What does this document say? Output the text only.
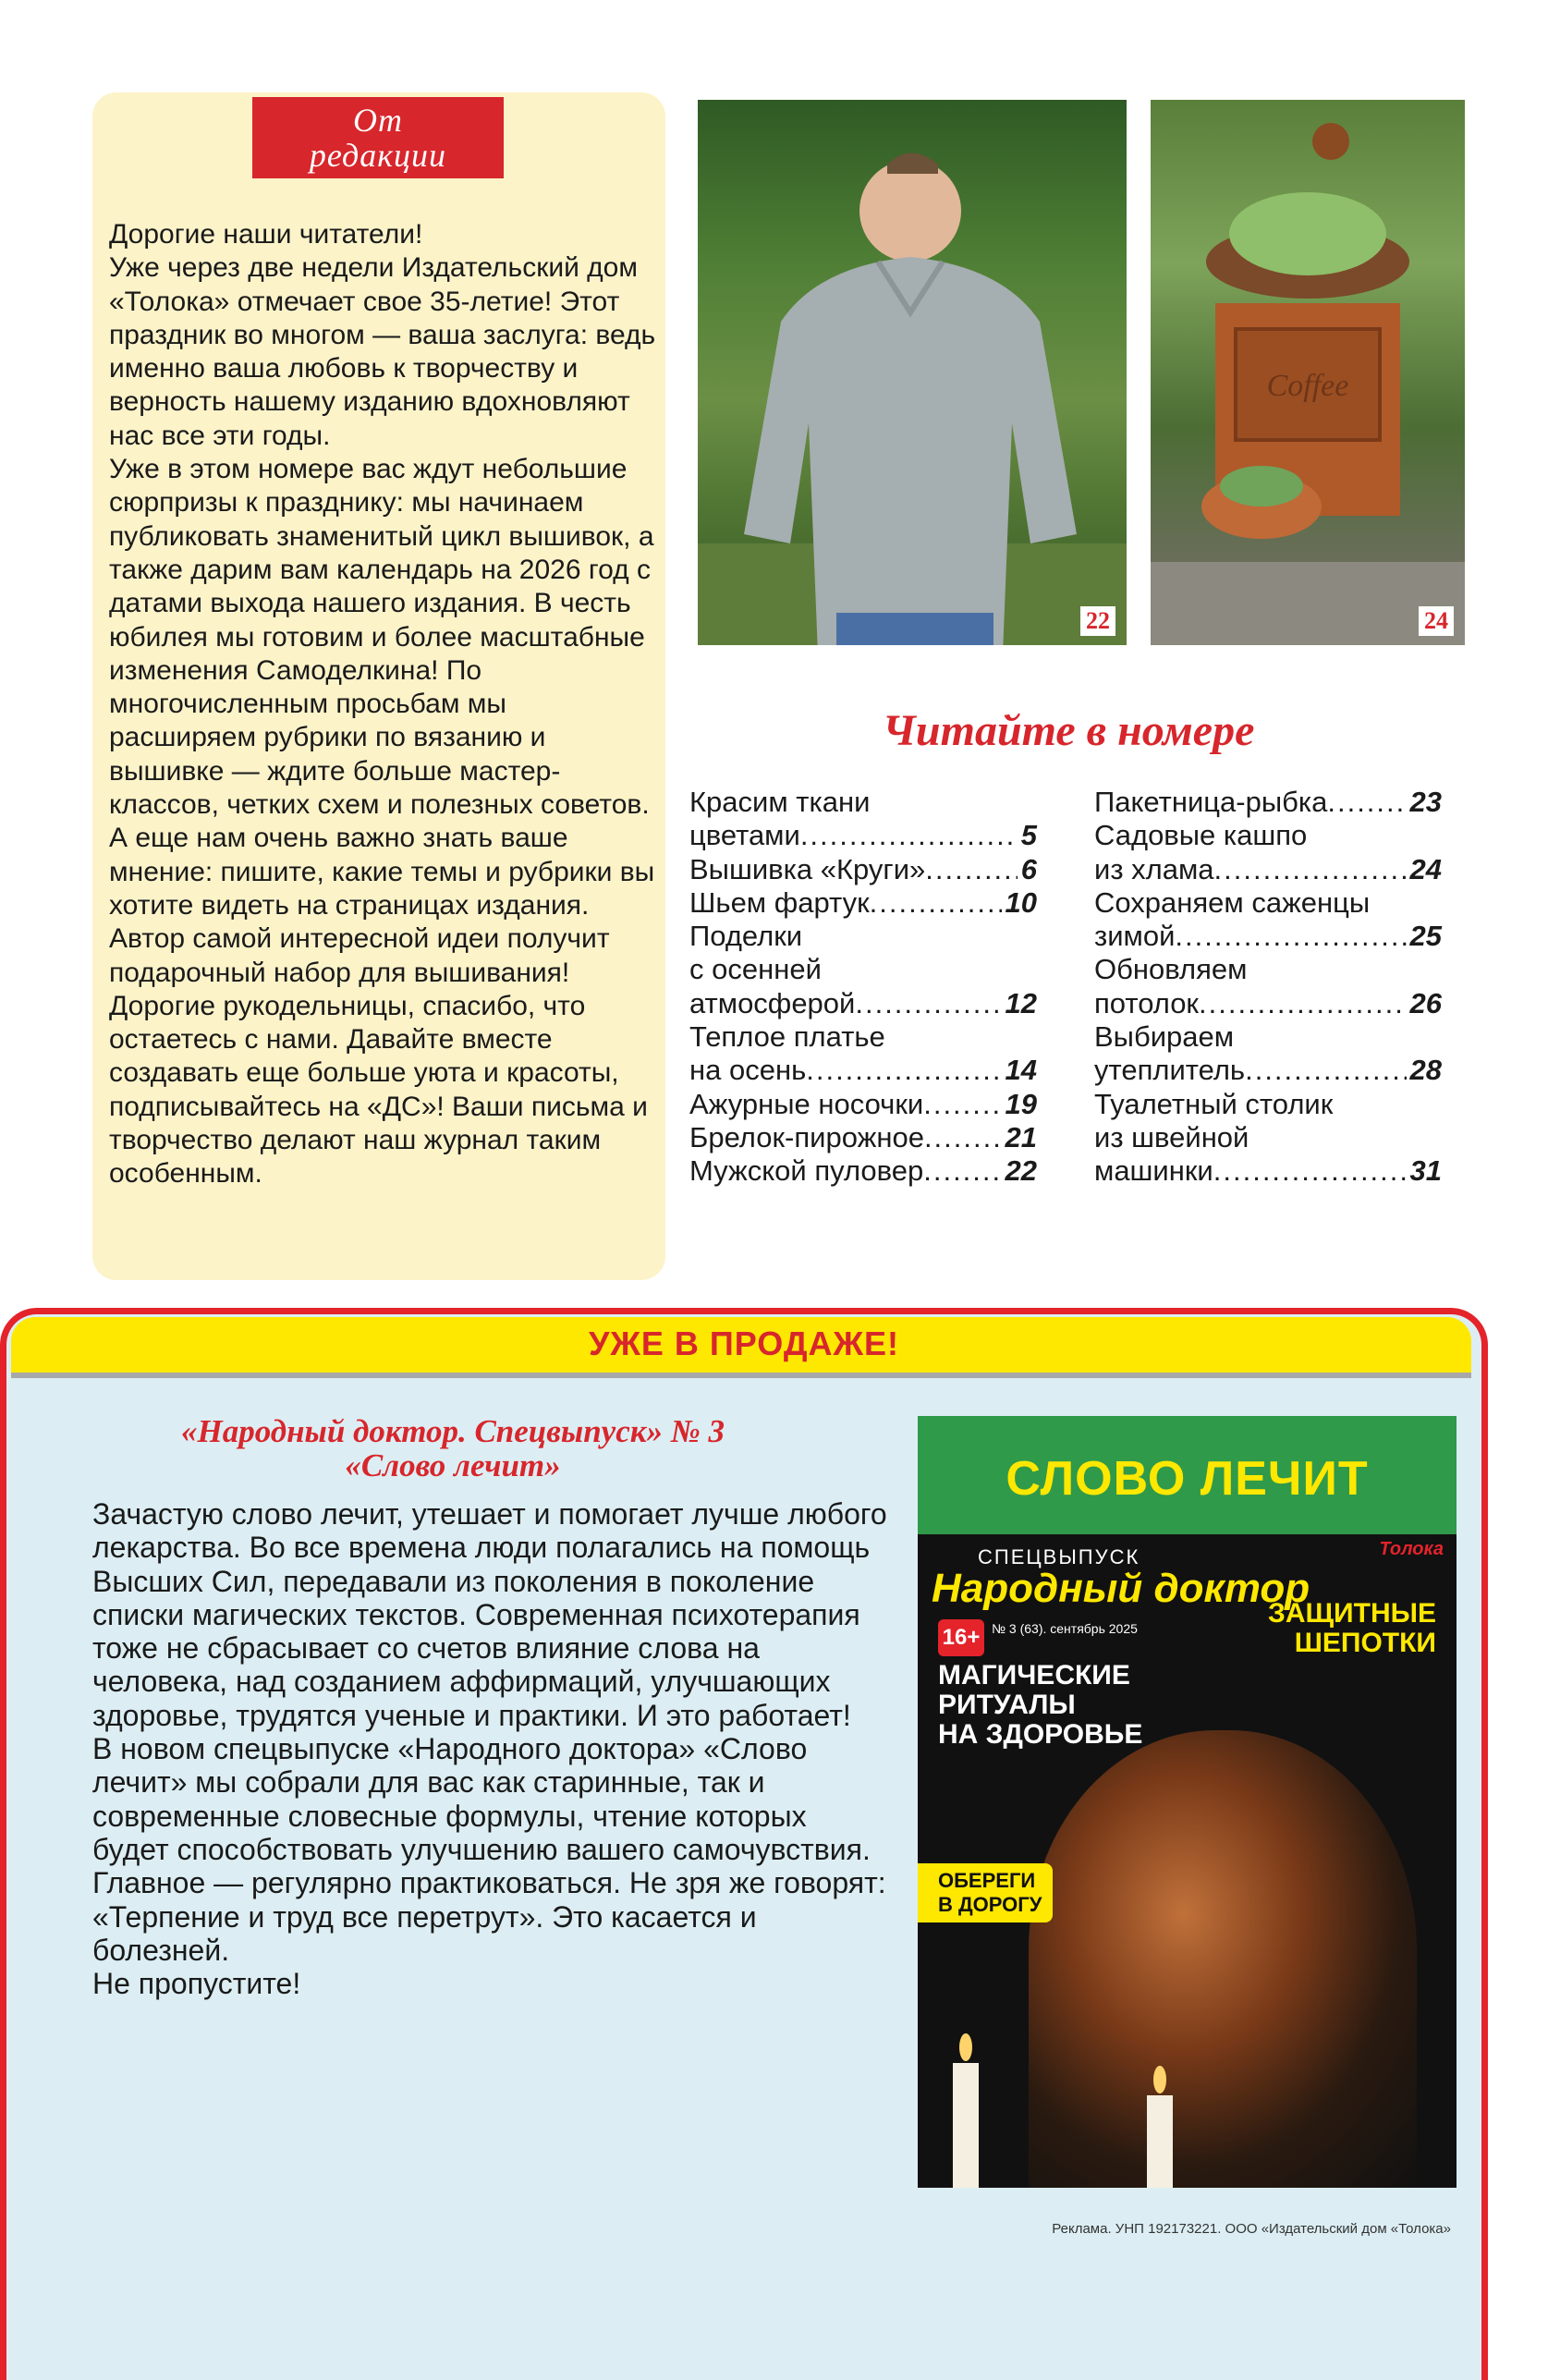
От
редакции

Дорогие наши читатели!

Уже через две недели Издательский дом «Толока» отмечает свое 35-летие! Этот праздник во многом — ваша заслуга: ведь именно ваша любовь к творчеству и верность нашему изданию вдохновляют нас все эти годы.

Уже в этом номере вас ждут небольшие сюрпризы к празднику: мы начинаем публиковать знаменитый цикл вышивок, а также дарим вам календарь на 2026 год с датами выхода нашего издания. В честь юбилея мы готовим и более масштабные изменения Самоделкина! По многочисленным просьбам мы расширяем рубрики по вязанию и вышивке — ждите больше мастер-классов, четких схем и полезных советов. А еще нам очень важно знать ваше мнение: пишите, какие темы и рубрики вы хотите видеть на страницах издания. Автор самой интересной идеи получит подарочный набор для вышивания!

Дорогие рукодельницы, спасибо, что остаетесь с нами. Давайте вместе создавать еще больше уюта и красоты, подписывайтесь на «ДС»! Ваши письма и творчество делают наш журнал таким особенным.

22
Coffee
24
Читайте в номере
Красим ткани
цветами .....	5
Вышивка «Круги» .....	6
Шьем фартук .....	10
Поделки
с осенней
атмосферой .....	12
Теплое платье
на осень .....	14
Ажурные носочки .....	19
Брелок-пирожное .....	21
Мужской пуловер .....	22
Пакетница-рыбка .....	23
Садовые кашпо
из хлама .....	24
Сохраняем саженцы
зимой .....	25
Обновляем
потолок .....	26
Выбираем
утеплитель .....	28
Туалетный столик
из швейной
машинки .....	31
УЖЕ В ПРОДАЖЕ!
«Народный доктор. Спецвыпуск» № 3
«Слово лечит»

Зачастую слово лечит, утешает и помогает лучше любого лекарства. Во все времена люди полагались на помощь Высших Сил, передавали из поколения в поколение списки магических текстов. Современная психотерапия тоже не сбрасывает со счетов влияние слова на человека, над созданием аффирмаций, улучшающих здоровье, трудятся ученые и практики. И это работает!

В новом спецвыпуске «Народного доктора» «Слово лечит» мы собрали для вас как старинные, так и современные словесные формулы, чтение которых будет способствовать улучшению вашего самочувствия. Главное — регулярно практиковаться. Не зря же говорят: «Терпение и труд все перетрут». Это касается и болезней.

Не пропустите!

СЛОВО ЛЕЧИТ
СПЕЦВЫПУСК
Народный доктор
Толока
16+ № 3 (63). сентябрь 2025
МАГИЧЕСКИЕ
РИТУАЛЫ
НА ЗДОРОВЬЕ
ЗАЩИТНЫЕ
ШЕПОТКИ
ОБЕРЕГИ
В ДОРОГУ
Реклама. УНП 192173221. ООО «Издательский дом «Толока»
